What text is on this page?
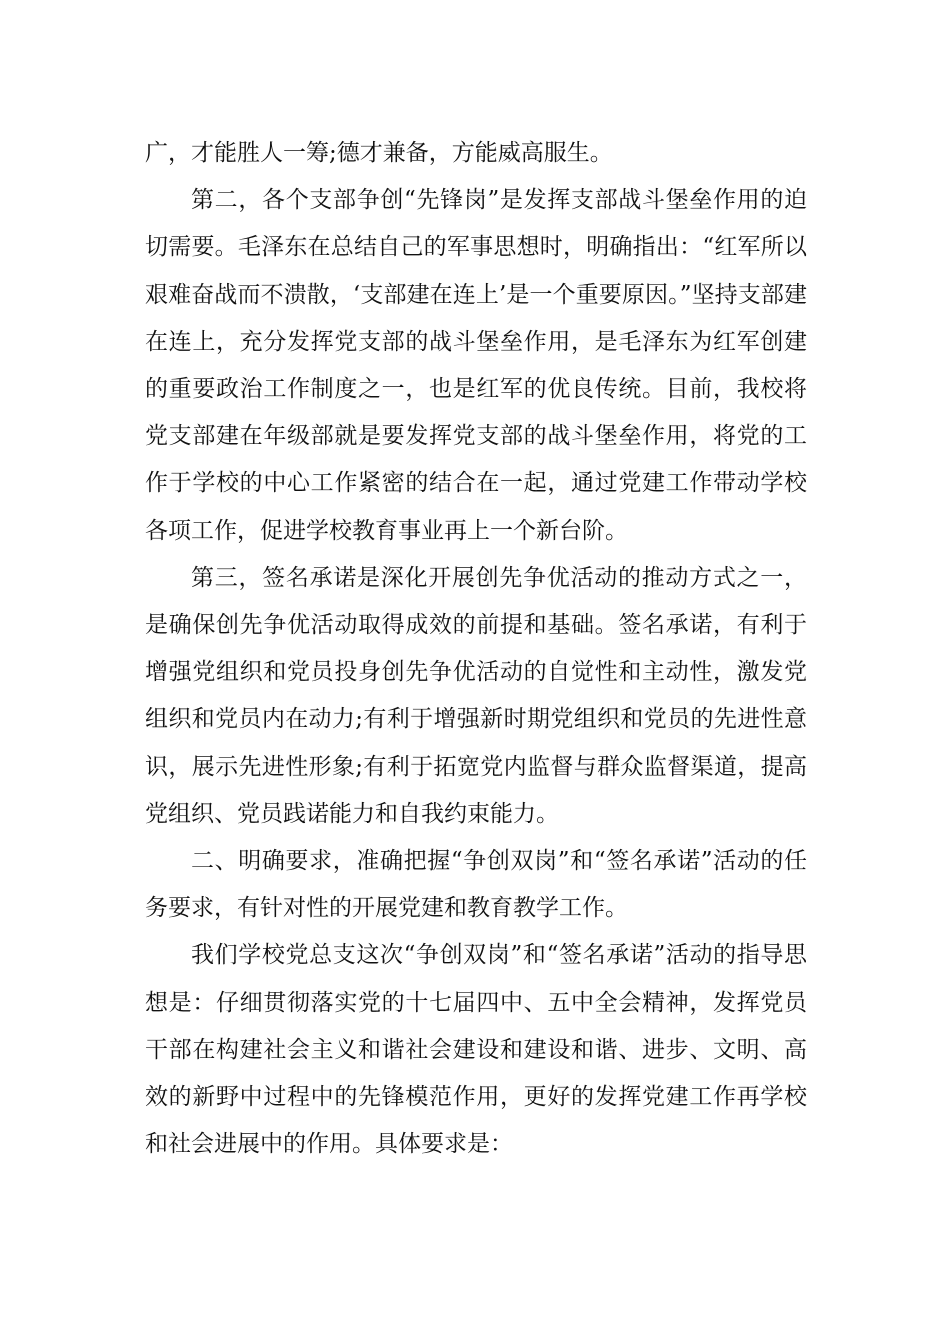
广，才能胜人一筹;德才兼备，方能威高服生。

第二，各个支部争创“先锋岗”是发挥支部战斗堡垒作用的迫切需要。毛泽东在总结自己的军事思想时，明确指出：“红军所以艰难奋战而不溃散，‘支部建在连上’是一个重要原因。”坚持支部建在连上，充分发挥党支部的战斗堡垒作用，是毛泽东为红军创建的重要政治工作制度之一，也是红军的优良传统。目前，我校将党支部建在年级部就是要发挥党支部的战斗堡垒作用，将党的工作于学校的中心工作紧密的结合在一起，通过党建工作带动学校各项工作，促进学校教育事业再上一个新台阶。

第三，签名承诺是深化开展创先争优活动的推动方式之一，是确保创先争优活动取得成效的前提和基础。签名承诺，有利于增强党组织和党员投身创先争优活动的自觉性和主动性，激发党组织和党员内在动力;有利于增强新时期党组织和党员的先进性意识，展示先进性形象;有利于拓宽党内监督与群众监督渠道，提高党组织、党员践诺能力和自我约束能力。

二、明确要求，准确把握“争创双岗”和“签名承诺”活动的任务要求，有针对性的开展党建和教育教学工作。

我们学校党总支这次“争创双岗”和“签名承诺”活动的指导思想是：仔细贯彻落实党的十七届四中、五中全会精神，发挥党员干部在构建社会主义和谐社会建设和建设和谐、进步、文明、高效的新野中过程中的先锋模范作用，更好的发挥党建工作再学校和社会进展中的作用。具体要求是：
